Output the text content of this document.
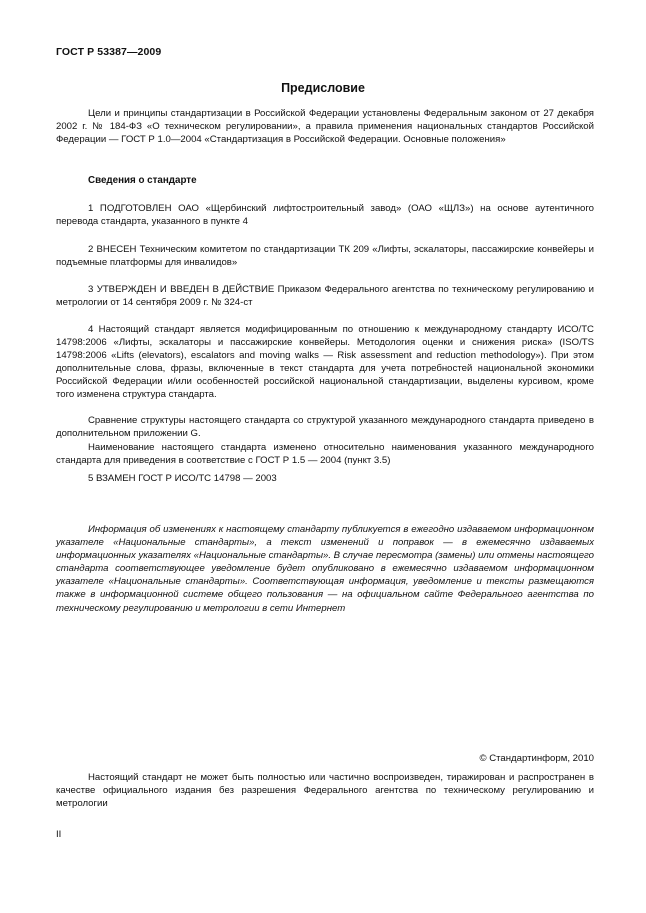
ГОСТ Р 53387—2009
Предисловие

Цели и принципы стандартизации в Российской Федерации установлены Федеральным законом от 27 декабря 2002 г. № 184-ФЗ «О техническом регулировании», а правила применения национальных стандартов Российской Федерации — ГОСТ Р 1.0—2004 «Стандартизация в Российской Федерации. Основные положения»

Сведения о стандарте

1 ПОДГОТОВЛЕН ОАО «Щербинский лифтостроительный завод» (ОАО «ЩЛЗ») на основе аутентичного перевода стандарта, указанного в пункте 4

2 ВНЕСЕН Техническим комитетом по стандартизации ТК 209 «Лифты, эскалаторы, пассажирские конвейеры и подъемные платформы для инвалидов»

3 УТВЕРЖДЕН И ВВЕДЕН В ДЕЙСТВИЕ Приказом Федерального агентства по техническому регулированию и метрологии от 14 сентября 2009 г. № 324-ст

4 Настоящий стандарт является модифицированным по отношению к международному стандарту ИСО/ТС 14798:2006 «Лифты, эскалаторы и пассажирские конвейеры. Методология оценки и снижения риска» (ISO/TS 14798:2006 «Lifts (elevators), escalators and moving walks — Risk assessment and reduction methodology»). При этом дополнительные слова, фразы, включенные в текст стандарта для учета потребностей национальной экономики Российской Федерации и/или особенностей российской национальной стандартизации, выделены курсивом, кроме того изменена структура стандарта.

Сравнение структуры настоящего стандарта со структурой указанного международного стандарта приведено в дополнительном приложении G.

Наименование настоящего стандарта изменено относительно наименования указанного международного стандарта для приведения в соответствие с ГОСТ Р 1.5 — 2004 (пункт 3.5)

5 ВЗАМЕН ГОСТ Р ИСО/ТС 14798 — 2003

Информация об изменениях к настоящему стандарту публикуется в ежегодно издаваемом информационном указателе «Национальные стандарты», а текст изменений и поправок — в ежемесячно издаваемых информационных указателях «Национальные стандарты». В случае пересмотра (замены) или отмены настоящего стандарта соответствующее уведомление будет опубликовано в ежемесячно издаваемом информационном указателе «Национальные стандарты». Соответствующая информация, уведомление и тексты размещаются также в информационной системе общего пользования — на официальном сайте Федерального агентства по техническому регулированию и метрологии в сети Интернет

© Стандартинформ, 2010

Настоящий стандарт не может быть полностью или частично воспроизведен, тиражирован и распространен в качестве официального издания без разрешения Федерального агентства по техническому регулированию и метрологии

II
